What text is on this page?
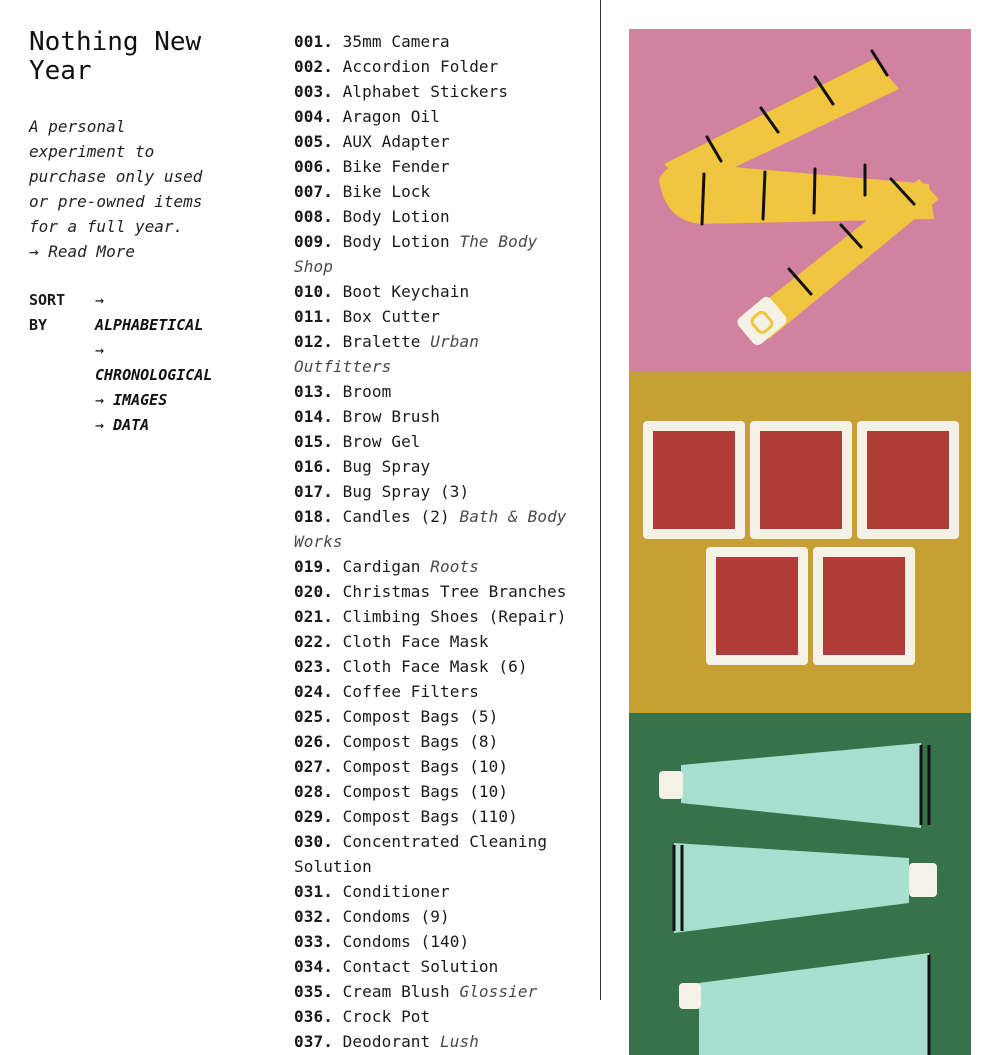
Nothing New Year

A personal experiment to purchase only used or pre-owned items for a full year.
→ Read More

SORT
BY
→
ALPHABETICAL
→
CHRONOLOGICAL
→ IMAGES
→ DATA
001. 35mm Camera
002. Accordion Folder
003. Alphabet Stickers
004. Aragon Oil
005. AUX Adapter
006. Bike Fender
007. Bike Lock
008. Body Lotion
009. Body Lotion The Body Shop
010. Boot Keychain
011. Box Cutter
012. Bralette Urban Outfitters
013. Broom
014. Brow Brush
015. Brow Gel
016. Bug Spray
017. Bug Spray (3)
018. Candles (2) Bath & Body Works
019. Cardigan Roots
020. Christmas Tree Branches
021. Climbing Shoes (Repair)
022. Cloth Face Mask
023. Cloth Face Mask (6)
024. Coffee Filters
025. Compost Bags (5)
026. Compost Bags (8)
027. Compost Bags (10)
028. Compost Bags (10)
029. Compost Bags (110)
030. Concentrated Cleaning Solution
031. Conditioner
032. Condoms (9)
033. Condoms (140)
034. Contact Solution
035. Cream Blush Glossier
036. Crock Pot
037. Deodorant Lush
